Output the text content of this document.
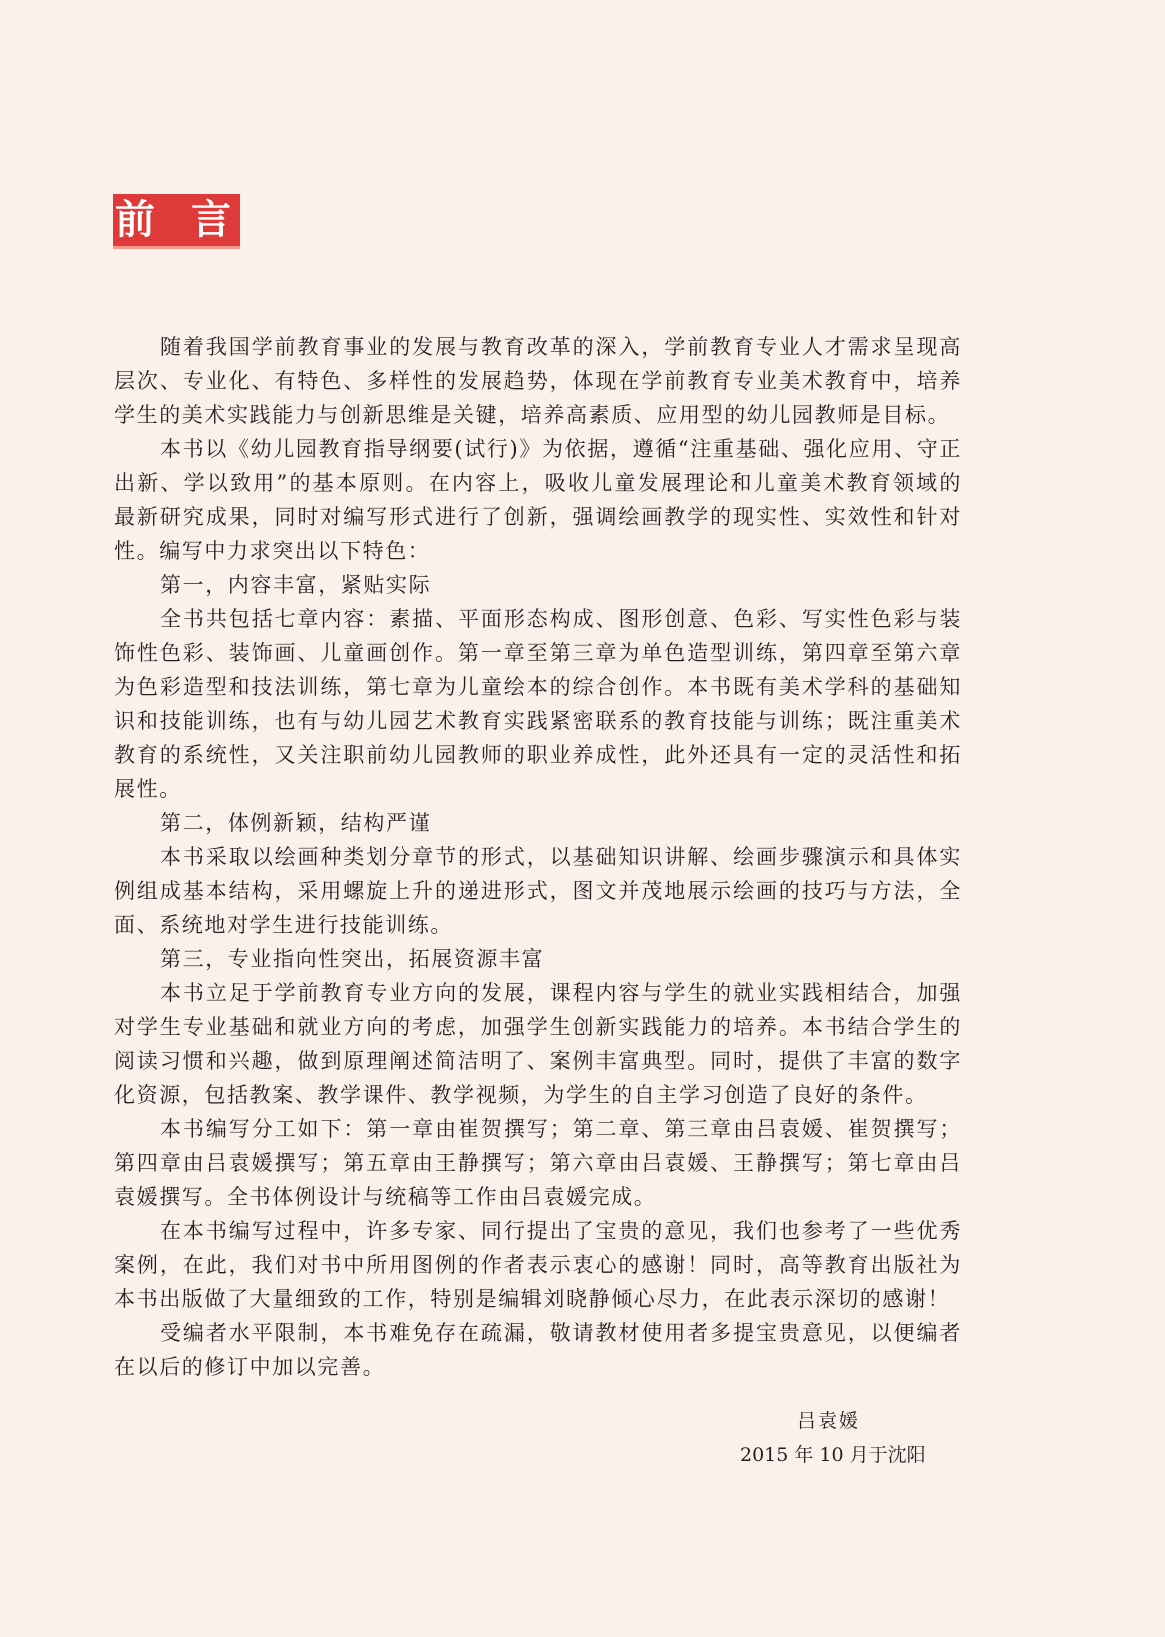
前言

随着我国学前教育事业的发展与教育改革的深入，学前教育专业人才需求呈现高层次、专业化、有特色、多样性的发展趋势，体现在学前教育专业美术教育中，培养学生的美术实践能力与创新思维是关键，培养高素质、应用型的幼儿园教师是目标。

本书以《幼儿园教育指导纲要(试行)》为依据，遵循“注重基础、强化应用、守正出新、学以致用”的基本原则。在内容上，吸收儿童发展理论和儿童美术教育领域的最新研究成果，同时对编写形式进行了创新，强调绘画教学的现实性、实效性和针对性。编写中力求突出以下特色：

第一，内容丰富，紧贴实际

全书共包括七章内容：素描、平面形态构成、图形创意、色彩、写实性色彩与装饰性色彩、装饰画、儿童画创作。第一章至第三章为单色造型训练，第四章至第六章为色彩造型和技法训练，第七章为儿童绘本的综合创作。本书既有美术学科的基础知识和技能训练，也有与幼儿园艺术教育实践紧密联系的教育技能与训练；既注重美术教育的系统性，又关注职前幼儿园教师的职业养成性，此外还具有一定的灵活性和拓展性。

第二，体例新颖，结构严谨

本书采取以绘画种类划分章节的形式，以基础知识讲解、绘画步骤演示和具体实例组成基本结构，采用螺旋上升的递进形式，图文并茂地展示绘画的技巧与方法，全面、系统地对学生进行技能训练。

第三，专业指向性突出，拓展资源丰富

本书立足于学前教育专业方向的发展，课程内容与学生的就业实践相结合，加强对学生专业基础和就业方向的考虑，加强学生创新实践能力的培养。本书结合学生的阅读习惯和兴趣，做到原理阐述简洁明了、案例丰富典型。同时，提供了丰富的数字化资源，包括教案、教学课件、教学视频，为学生的自主学习创造了良好的条件。

本书编写分工如下：第一章由崔贺撰写；第二章、第三章由吕袁媛、崔贺撰写；第四章由吕袁媛撰写；第五章由王静撰写；第六章由吕袁媛、王静撰写；第七章由吕袁媛撰写。全书体例设计与统稿等工作由吕袁媛完成。

在本书编写过程中，许多专家、同行提出了宝贵的意见，我们也参考了一些优秀案例，在此，我们对书中所用图例的作者表示衷心的感谢！同时，高等教育出版社为本书出版做了大量细致的工作，特别是编辑刘晓静倾心尽力，在此表示深切的感谢！

受编者水平限制，本书难免存在疏漏，敬请教材使用者多提宝贵意见，以便编者在以后的修订中加以完善。

吕袁媛
2015 年 10 月于沈阳
